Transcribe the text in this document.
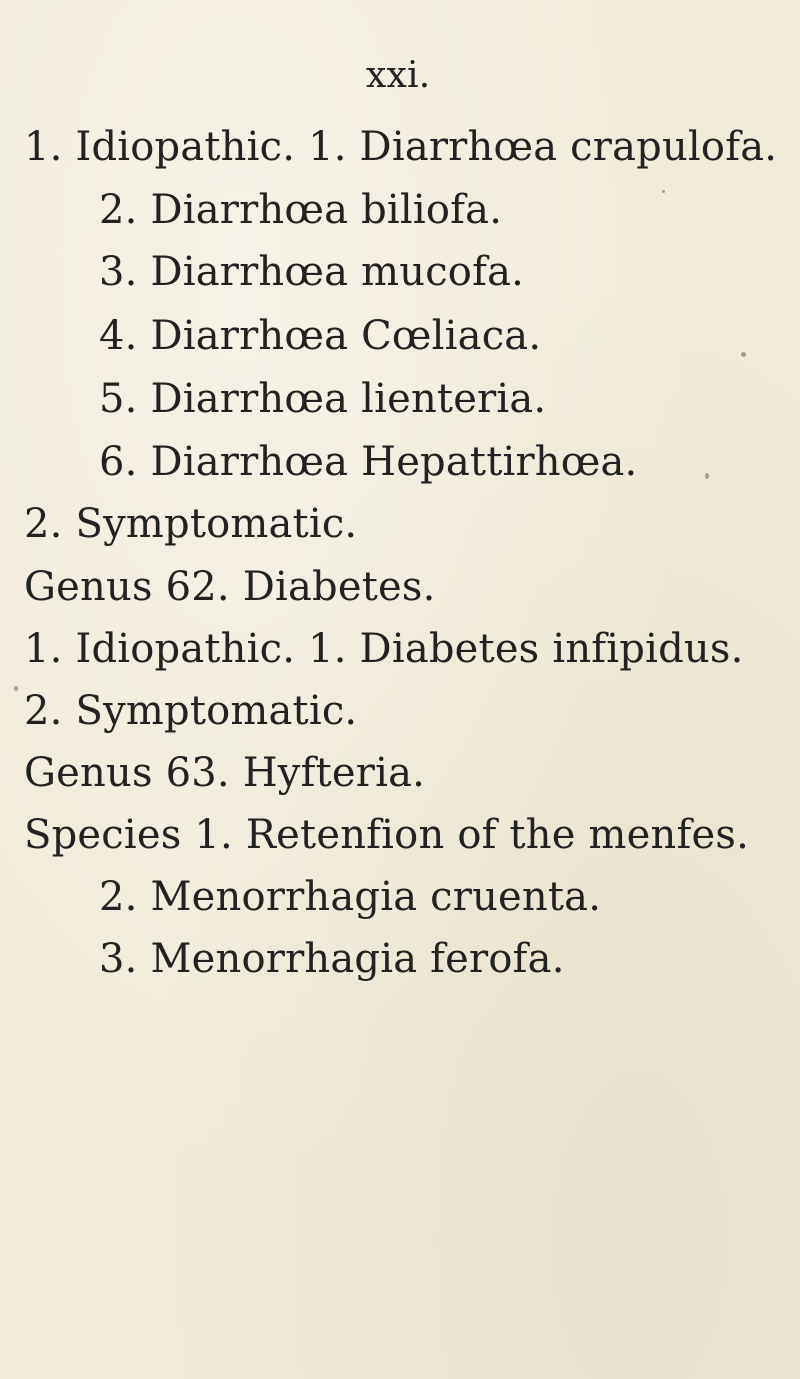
xxi.
1. Idiopathic. 1. Diarrhœa crapulofa.
2. Diarrhœa biliofa.
3. Diarrhœa mucofa.
4. Diarrhœa Cœliaca.
5. Diarrhœa lienteria.
6. Diarrhœa Hepattirhœa.
2. Symptomatic.
Genus 62. Diabetes.
1. Idiopathic. 1. Diabetes infipidus.
2. Symptomatic.
Genus 63. Hyfteria.
Species 1. Retenfion of the menfes.
2. Menorrhagia cruenta.
3. Menorrhagia ferofa.
